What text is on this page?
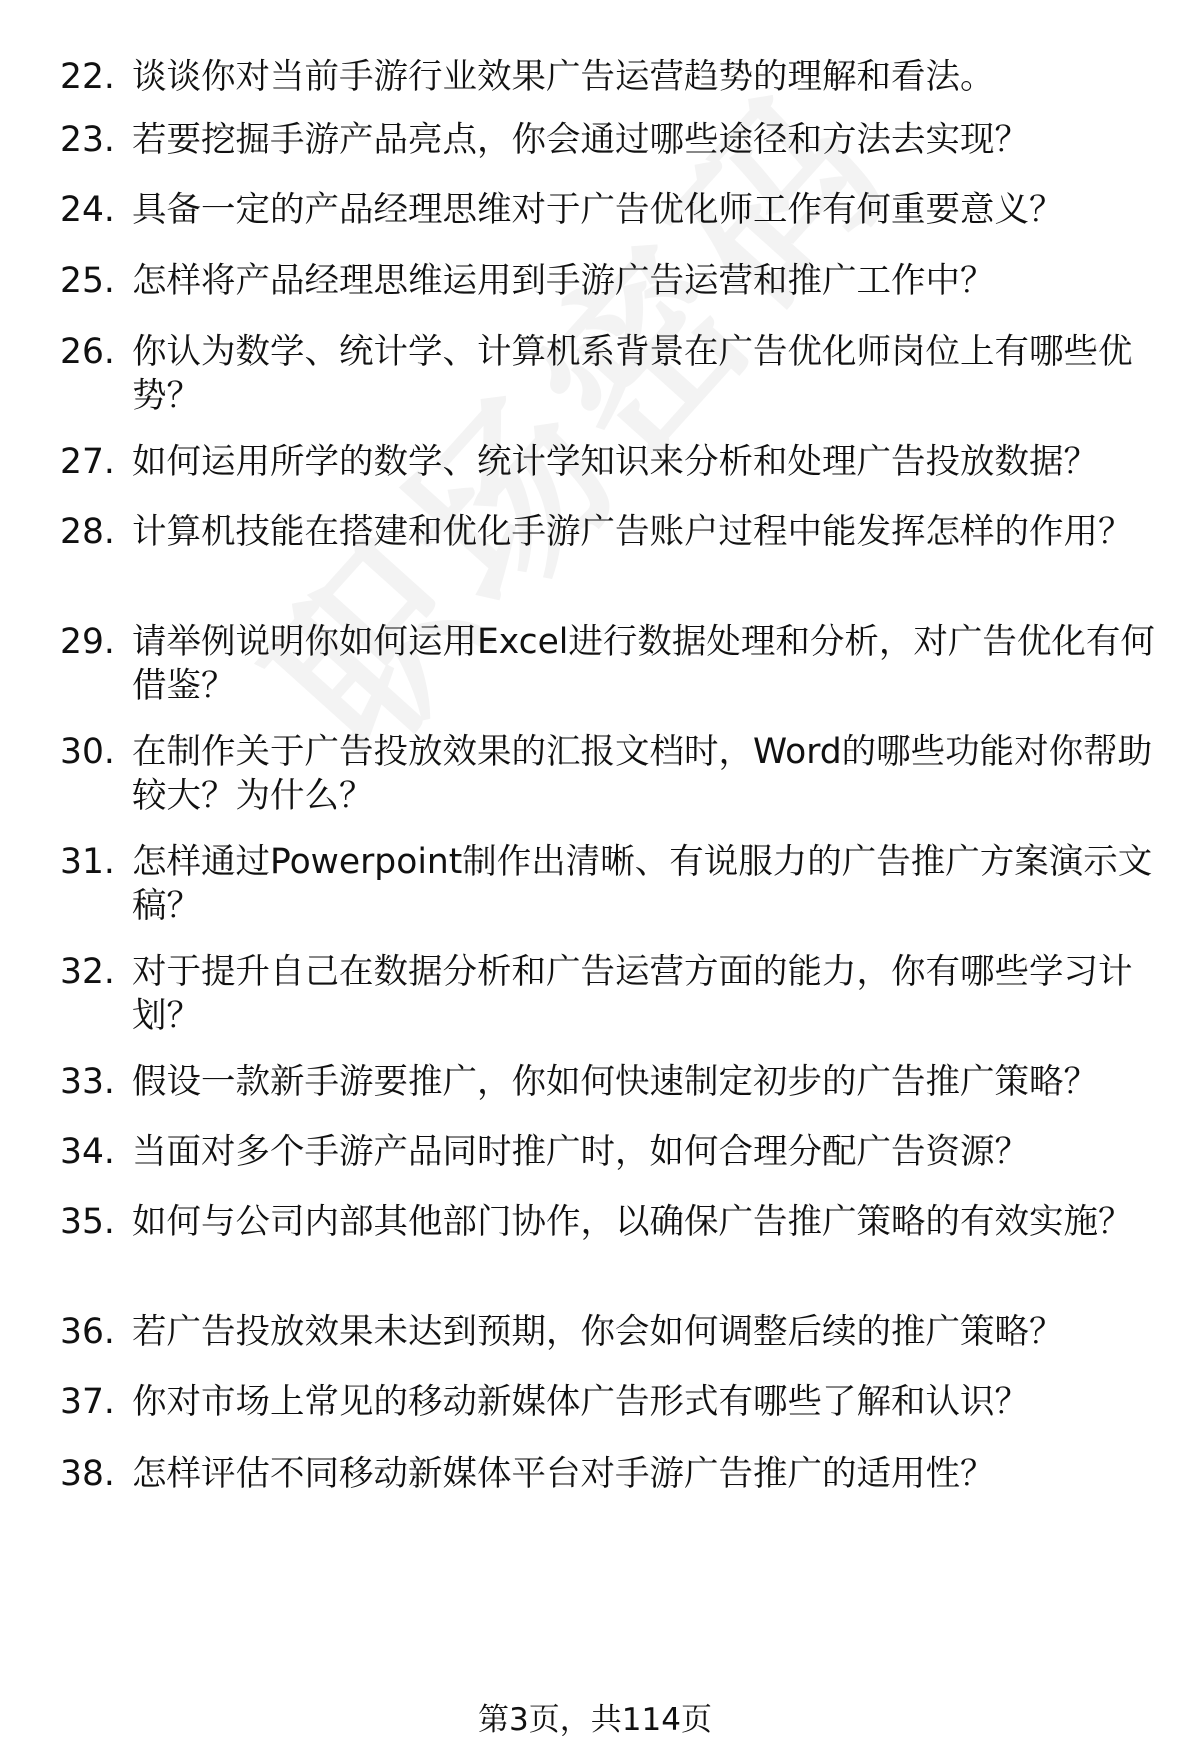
22. 谈谈你对当前手游行业效果广告运营趋势的理解和看法。
23. 若要挖掘手游产品亮点，你会通过哪些途径和方法去实现？
24. 具备一定的产品经理思维对于广告优化师工作有何重要意义？
25. 怎样将产品经理思维运用到手游广告运营和推广工作中？
26. 你认为数学、统计学、计算机系背景在广告优化师岗位上有哪些优势？
27. 如何运用所学的数学、统计学知识来分析和处理广告投放数据？
28. 计算机技能在搭建和优化手游广告账户过程中能发挥怎样的作用？
29. 请举例说明你如何运用Excel进行数据处理和分析，对广告优化有何借鉴？
30. 在制作关于广告投放效果的汇报文档时，Word的哪些功能对你帮助较大？为什么？
31. 怎样通过Powerpoint制作出清晰、有说服力的广告推广方案演示文稿？
32. 对于提升自己在数据分析和广告运营方面的能力，你有哪些学习计划？
33. 假设一款新手游要推广，你如何快速制定初步的广告推广策略？
34. 当面对多个手游产品同时推广时，如何合理分配广告资源？
35. 如何与公司内部其他部门协作，以确保广告推广策略的有效实施？
36. 若广告投放效果未达到预期，你会如何调整后续的推广策略？
37. 你对市场上常见的移动新媒体广告形式有哪些了解和认识？
38. 怎样评估不同移动新媒体平台对手游广告推广的适用性？
第3页，共114页
